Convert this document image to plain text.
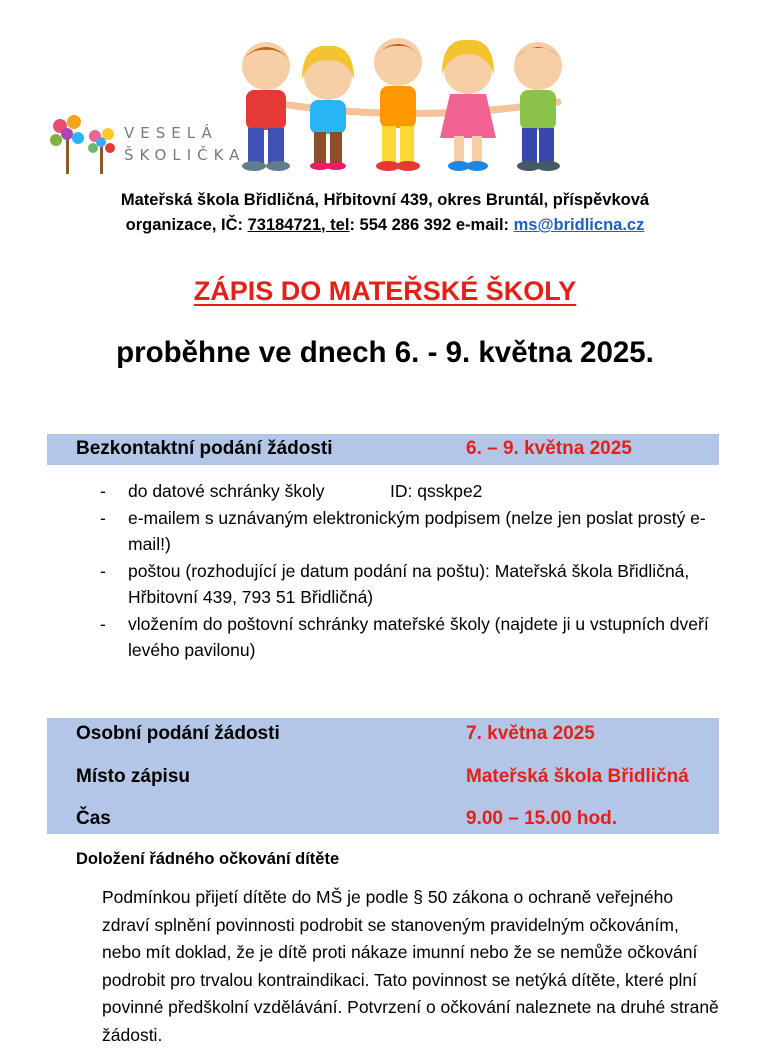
VESELÁ
ŠKOLIČKA
Mateřská škola Břidličná, Hřbitovní 439, okres Bruntál, příspěvková
organizace, IČ: 73184721, tel: 554 286 392 e-mail: ms@bridlicna.cz
ZÁPIS DO MATEŘSKÉ ŠKOLY
proběhne ve dnech 6. - 9. května 2025.
Bezkontaktní podání žádosti	6. – 9. května 2025
- do datové schránky školy	ID: qsskpe2
- e-mailem s uznávaným elektronickým podpisem (nelze jen poslat prostý e-mail!)
- poštou (rozhodující je datum podání na poštu): Mateřská škola Břidličná, Hřbitovní 439, 793 51 Břidličná)
- vložením do poštovní schránky mateřské školy (najdete ji u vstupních dveří levého pavilonu)
Osobní podání žádosti	7. května 2025
Místo zápisu	Mateřská škola Břidličná
Čas	9.00 – 15.00 hod.
Doložení řádného očkování dítěte
Podmínkou přijetí dítěte do MŠ je podle § 50 zákona o ochraně veřejného zdraví splnění povinnosti podrobit se stanoveným pravidelným očkováním, nebo mít doklad, že je dítě proti nákaze imunní nebo že se nemůže očkování podrobit pro trvalou kontraindikaci. Tato povinnost se netýká dítěte, které plní povinné předškolní vzdělávání. Potvrzení o očkování naleznete na druhé straně žádosti.
